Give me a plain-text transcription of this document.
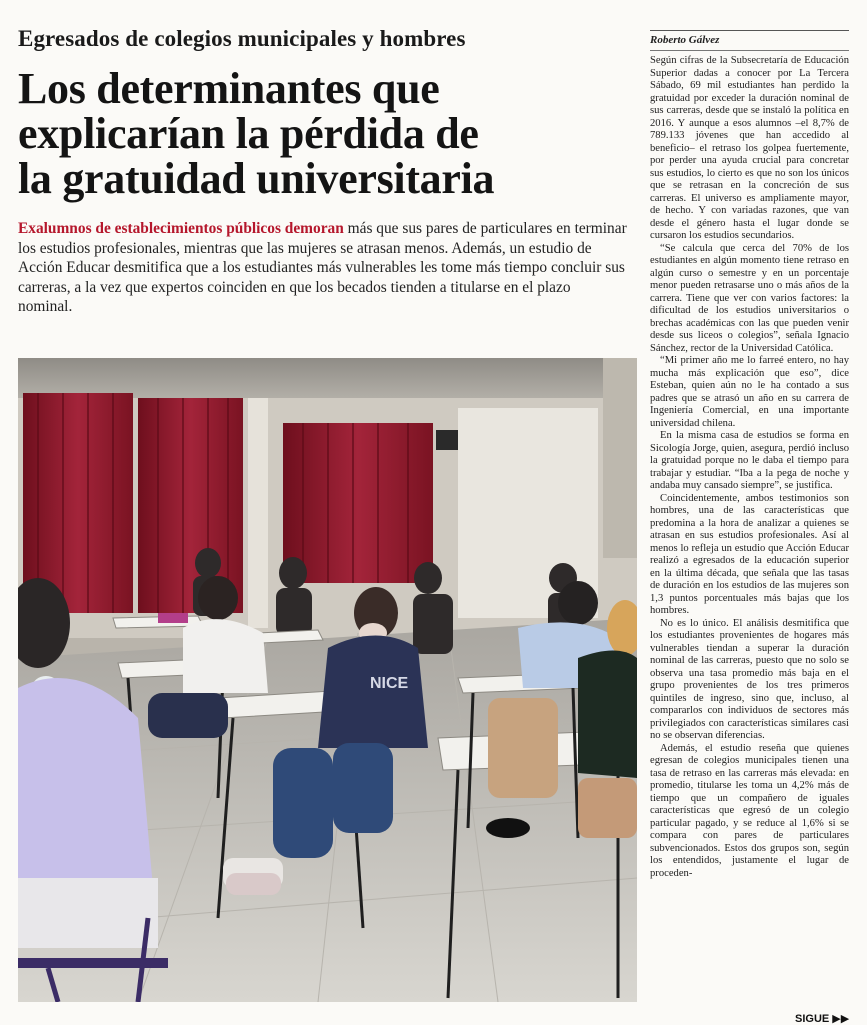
Egresados de colegios municipales y hombres
Los determinantes que
explicarían la pérdida de
la gratuidad universitaria
Exalumnos de establecimientos públicos demoran más que sus pares de particulares en terminar los estudios profesionales, mientras que las mujeres se atrasan menos. Además, un estudio de Acción Educar desmitifica que a los estudiantes más vulnerables les tome más tiempo concluir sus carreras, a la vez que expertos coinciden en que los becados tienden a titularse en el plazo nominal.
NICE
Roberto Gálvez

Según cifras de la Subsecretaría de Educación Superior dadas a conocer por La Tercera Sábado, 69 mil estudiantes han perdido la gratuidad por exceder la duración nominal de sus carreras, desde que se instaló la política en 2016. Y aunque a esos alumnos –el 8,7% de 789.133 jóvenes que han accedido al beneficio– el retraso los golpea fuertemente, por perder una ayuda crucial para concretar sus estudios, lo cierto es que no son los únicos que se retrasan en la concreción de sus carreras. El universo es ampliamente mayor, de hecho. Y con variadas razones, que van desde el género hasta el lugar donde se cursaron los estudios secundarios.

“Se calcula que cerca del 70% de los estudiantes en algún momento tiene retraso en algún curso o semestre y en un porcentaje menor pueden retrasarse uno o más años de la carrera. Tiene que ver con varios factores: la dificultad de los estudios universitarios o brechas académicas con las que pueden venir desde sus liceos o colegios”, señala Ignacio Sánchez, rector de la Universidad Católica.

“Mi primer año me lo farreé entero, no hay mucha más explicación que eso”, dice Esteban, quien aún no le ha contado a sus padres que se atrasó un año en su carrera de Ingeniería Comercial, en una importante universidad chilena.

En la misma casa de estudios se forma en Sicología Jorge, quien, asegura, perdió incluso la gratuidad porque no le daba el tiempo para trabajar y estudiar. “Iba a la pega de noche y andaba muy cansado siempre”, se justifica.

Coincidentemente, ambos testimonios son hombres, una de las características que predomina a la hora de analizar a quienes se atrasan en sus estudios profesionales. Así al menos lo refleja un estudio que Acción Educar realizó a egresados de la educación superior en la última década, que señala que las tasas de duración en los estudios de las mujeres son 1,3 puntos porcentuales más bajas que los hombres.

No es lo único. El análisis desmitifica que los estudiantes provenientes de hogares más vulnerables tiendan a superar la duración nominal de las carreras, puesto que no solo se observa una tasa promedio más baja en el grupo provenientes de los tres primeros quintiles de ingreso, sino que, incluso, al compararlos con individuos de sectores más privilegiados con características similares casi no se observan diferencias.

Además, el estudio reseña que quienes egresan de colegios municipales tienen una tasa de retraso en las carreras más elevada: en promedio, titularse les toma un 4,2% más de tiempo que un compañero de iguales características que egresó de un colegio particular pagado, y se reduce al 1,6% si se compara con pares de particulares subvencionados. Estos dos grupos son, según los entendidos, justamente el lugar de proceden-

SIGUE ▶▶
